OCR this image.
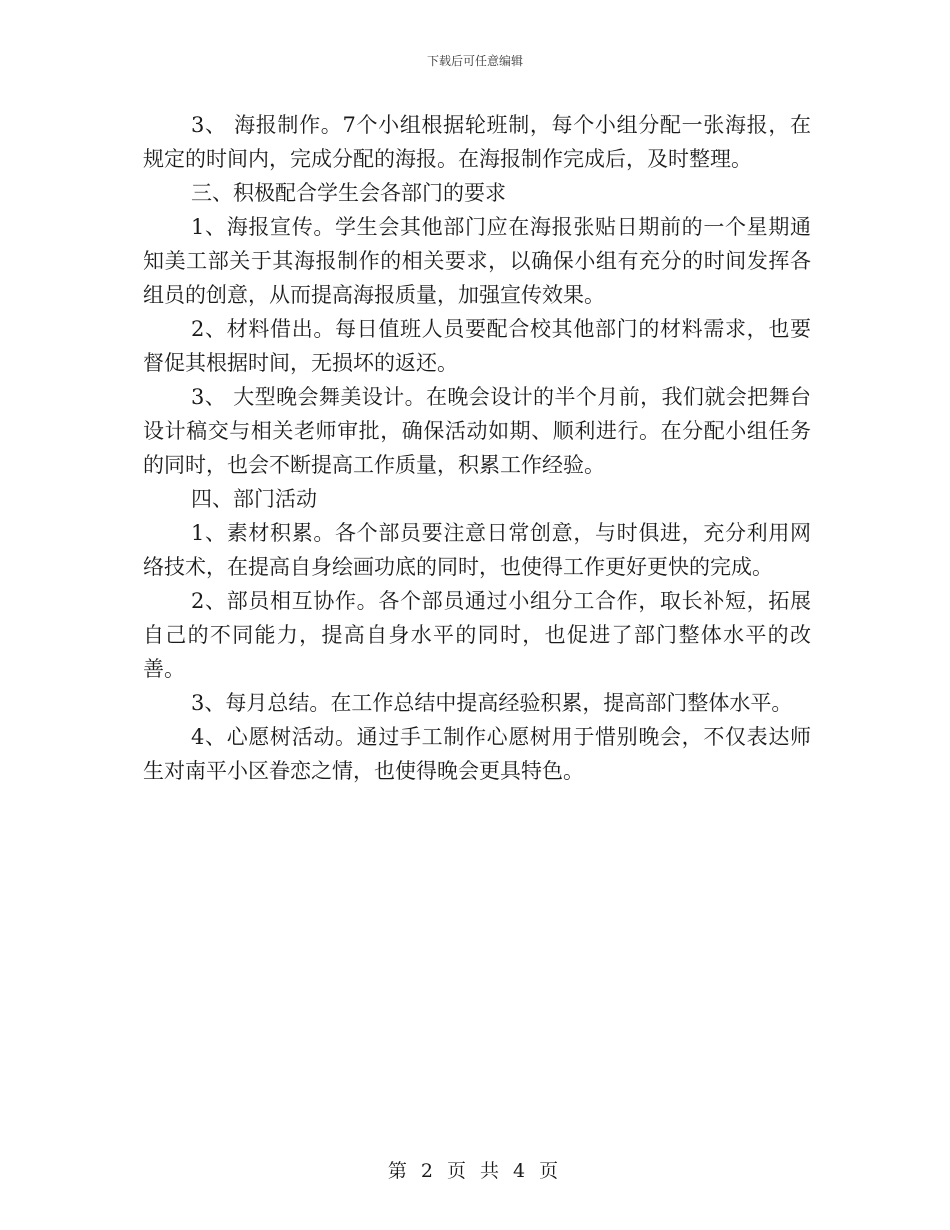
下载后可任意编辑

3、 海报制作。7个小组根据轮班制，每个小组分配一张海报，在规定的时间内，完成分配的海报。在海报制作完成后，及时整理。

三、积极配合学生会各部门的要求

1、海报宣传。学生会其他部门应在海报张贴日期前的一个星期通知美工部关于其海报制作的相关要求，以确保小组有充分的时间发挥各组员的创意，从而提高海报质量，加强宣传效果。

2、材料借出。每日值班人员要配合校其他部门的材料需求，也要督促其根据时间，无损坏的返还。

3、 大型晚会舞美设计。在晚会设计的半个月前，我们就会把舞台设计稿交与相关老师审批，确保活动如期、顺利进行。在分配小组任务的同时，也会不断提高工作质量，积累工作经验。

四、部门活动

1、素材积累。各个部员要注意日常创意，与时俱进，充分利用网络技术，在提高自身绘画功底的同时，也使得工作更好更快的完成。

2、部员相互协作。各个部员通过小组分工合作，取长补短，拓展自己的不同能力，提高自身水平的同时，也促进了部门整体水平的改善。

3、每月总结。在工作总结中提高经验积累，提高部门整体水平。

4、心愿树活动。通过手工制作心愿树用于惜别晚会，不仅表达师生对南平小区眷恋之情，也使得晚会更具特色。

第 2 页 共 4 页
